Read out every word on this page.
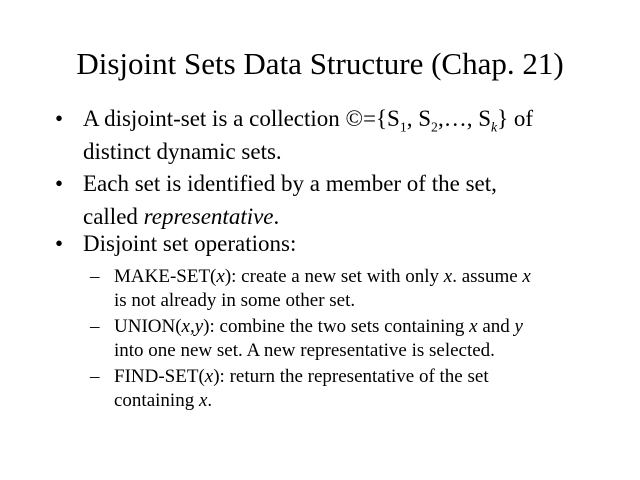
Disjoint Sets Data Structure (Chap. 21)
• A disjoint-set is a collection $©=\{S_1$, $S_2,\dots$, $S_k$} of
distinct dynamic sets.
• Each set is identified by a member of the set,
called representative.
• Disjoint set operations:
– MAKE-SET(x): create a new set with only x. assume x
is not already in some other set.
– UNION(x,y): combine the two sets containing x and y
into one new set. A new representative is selected.
– FIND-SET(x): return the representative of the set
containing x.
